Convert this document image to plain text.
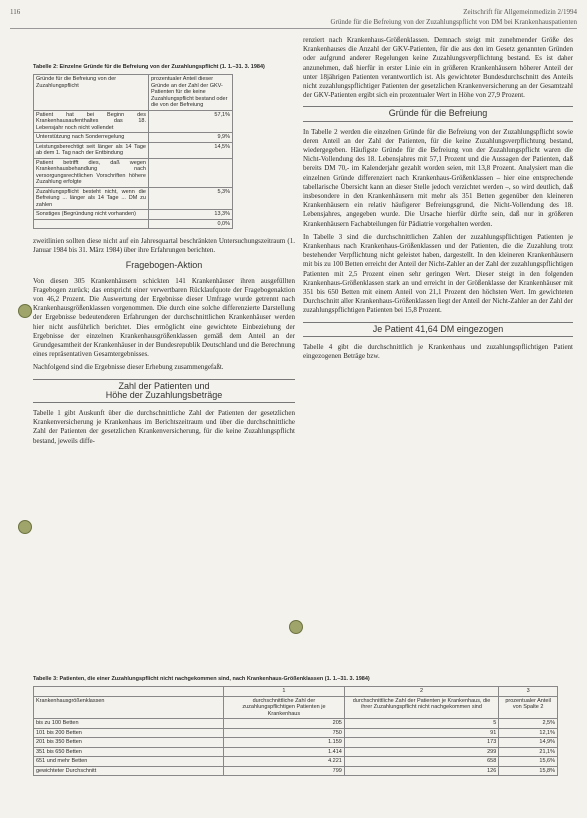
116	Zeitschrift für Allgemeinmedizin 2/1994
Gründe für die Befreiung von der Zuzahlungspflicht von DM bei Krankenhauspatienten
Tabelle 2: Einzelne Gründe für die Befreiung von der Zuzahlungspflicht (1. 1.–31. 3. 1984)
Gründe für die Befreiung von der Zuzahlungspflicht	prozentualer Anteil dieser Gründe an der Zahl der GKV-Patienten für die keine Zuzahlungspflicht bestand oder die von der Befreiung
Patient hat bei Beginn des Krankenhausaufenthaltes das 18. Lebensjahr noch nicht vollendet	57,1%
Unterstützung nach Sonderregelung	9,9%
Leistungsberechtigt seit länger als 14 Tage ab dem 1. Tag nach der Entbindung	14,5%
Patient betrifft dies, daß wegen Krankenhausbehandlung nach versorgungsrechtlichen Vorschriften höhere Zuzahlung erfolgte	
Zuzahlungspflicht besteht nicht, wenn die Befreiung ... länger als 14 Tage ... DM zu zahlen	5,3%
Sonstiges (Begründung nicht vorhanden)	13,3%
	0,0%

zweitlinien sollten diese nicht auf ein Jahresquartal beschränkten Untersuchungszeitraum (1. Januar 1984 bis 31. März 1984) über ihre Erfahrungen berichten.

Fragebogen-Aktion

Von diesen 305 Krankenhäusern schickten 141 Krankenhäuser ihren ausgefüllten Fragebogen zurück; das entspricht einer verwertbaren Rücklaufquote der Fragebogenaktion von 46,2 Prozent. Die Auswertung der Ergebnisse dieser Umfrage wurde getrennt nach Krankenhausgrößenklassen vorgenommen. Die durch eine solche differenzierte Darstellung der Ergebnisse bedeutenderen Erfahrungen der durchschnittlichen Krankenhäuser werden hier nicht ausführlich berichtet. Dies ermöglicht eine gewichtete Einbeziehung der Ergebnisse der einzelnen Krankenhausgrößenklassen gemäß dem Anteil an der Grundgesamtheit der Krankenhäuser in der Bundesrepublik Deutschland und die Berechnung eines repräsentativen Gesamtergebnisses.

Nachfolgend sind die Ergebnisse dieser Erhebung zusammengefaßt.

Zahl der Patienten und
Höhe der Zuzahlungsbeträge

Tabelle 1 gibt Auskunft über die durchschnittliche Zahl der Patienten der gesetzlichen Krankenversicherung je Krankenhaus im Berichtszeitraum und über die durchschnittliche Zahl der Patienten der gesetzlichen Krankenversicherung, für die keine Zuzahlungspflicht bestand, jeweils diffe-

renziert nach Krankenhaus-Größenklassen. Demnach steigt mit zunehmender Größe des Krankenhauses die Anzahl der GKV-Patienten, für die aus den im Gesetz genannten Gründen oder aufgrund anderer Regelungen keine Zuzahlungsverpflichtung bestand. Es ist daher anzunehmen, daß hierfür in erster Linie ein in größeren Krankenhäusern höherer Anteil der unter 18jährigen Patienten verantwortlich ist. Als gewichteter Bundesdurchschnitt des Anteils nicht zuzahlungspflichtiger Patienten der gesetzlichen Krankenversicherung an der Gesamtzahl der GKV-Patienten ergibt sich ein prozentualer Wert in Höhe von 27,9 Prozent.

Gründe für die Befreiung

In Tabelle 2 werden die einzelnen Gründe für die Befreiung von der Zuzahlungspflicht sowie deren Anteil an der Zahl der Patienten, für die keine Zuzahlungsverpflichtung bestand, wiedergegeben. Häufigste Gründe für die Befreiung von der Zuzahlungspflicht waren die Nicht-Vollendung des 18. Lebensjahres mit 57,1 Prozent und die Aussagen der Patienten, daß bereits DM 70,- im Kalenderjahr gezahlt worden seien, mit 13,8 Prozent. Analysiert man die einzelnen Gründe differenziert nach Krankenhaus-Größenklassen – hier eine entsprechende tabellarische Übersicht kann an dieser Stelle jedoch verzichtet werden –, so wird deutlich, daß insbesondere in den Krankenhäusern mit mehr als 351 Betten gegenüber den kleineren Krankenhäusern ein relativ häufigerer Befreiungsgrund, die Nicht-Vollendung des 18. Lebensjahres, angegeben wurde. Die Ursache hierfür dürfte sein, daß nur in größeren Krankenhäusern Fachabteilungen für Pädiatrie vorgehalten werden.

In Tabelle 3 sind die durchschnittlichen Zahlen der zuzahlungspflichtigen Patienten je Krankenhaus nach Krankenhaus-Größenklassen und der Patienten, die die Zuzahlung trotz bestehender Verpflichtung nicht geleistet haben, dargestellt. In den kleineren Krankenhäusern mit bis zu 100 Betten erreicht der Anteil der Nicht-Zahler an der Zahl der zuzahlungspflichtigen Patienten mit 2,5 Prozent einen sehr geringen Wert. Dieser steigt in den folgenden Krankenhaus-Größenklassen stark an und erreicht in der Größenklasse der Krankenhäuser mit 351 bis 650 Betten mit einem Anteil von 21,1 Prozent den höchsten Wert. Im gewichteten Durchschnitt aller Krankenhaus-Größenklassen liegt der Anteil der Nicht-Zahler an der Zahl der zuzahlungspflichtigen Patienten bei 15,8 Prozent.

Je Patient 41,64 DM eingezogen

Tabelle 4 gibt die durchschnittlich je Krankenhaus und zuzahlungspflichtigen Patient eingezogenen Beträge bzw.

Tabelle 3: Patienten, die einer Zuzahlungspflicht nicht nachgekommen sind, nach Krankenhaus-Größenklassen (1. 1.–31. 3. 1984)
	1	2	3
Krankenhausgrößenklassen	durchschnittliche Zahl der zuzahlungspflichtigen Patienten je Krankenhaus	durchschnittliche Zahl der Patienten je Krankenhaus, die ihrer Zuzahlungspflicht nicht nachgekommen sind	prozentualer Anteil von Spalte 2
bis zu 100 Betten	205	5	2,5%
101 bis 200 Betten	750	91	12,1%
201 bis 350 Betten	1.159	173	14,9%
351 bis 650 Betten	1.414	299	21,1%
651 und mehr Betten	4.221	658	15,6%
gewichteter Durchschnitt	799	126	15,8%
